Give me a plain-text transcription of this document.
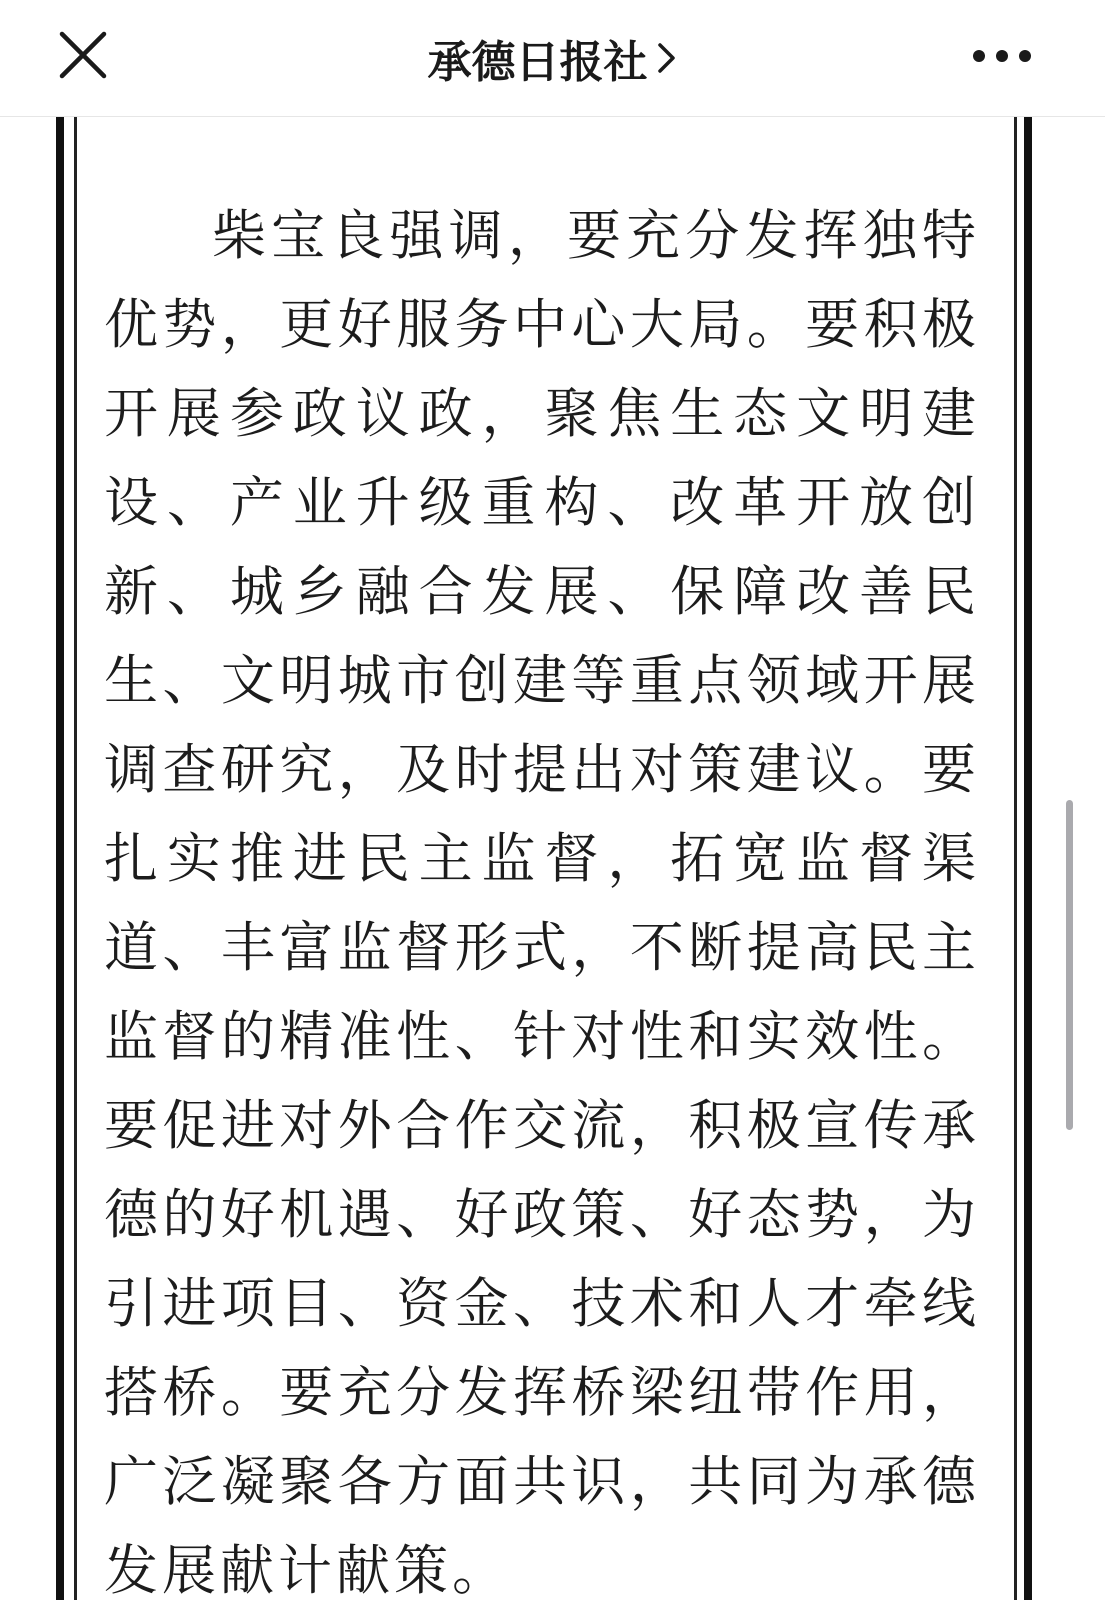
承德日报社

柴宝良强调，要充分发挥独特优势，更好服务中心大局。要积极开展参政议政，聚焦生态文明建设、产业升级重构、改革开放创新、城乡融合发展、保障改善民生、文明城市创建等重点领域开展调查研究，及时提出对策建议。要扎实推进民主监督，拓宽监督渠道、丰富监督形式，不断提高民主监督的精准性、针对性和实效性。要促进对外合作交流，积极宣传承德的好机遇、好政策、好态势，为引进项目、资金、技术和人才牵线搭桥。要充分发挥桥梁纽带作用，广泛凝聚各方面共识，共同为承德发展献计献策。
